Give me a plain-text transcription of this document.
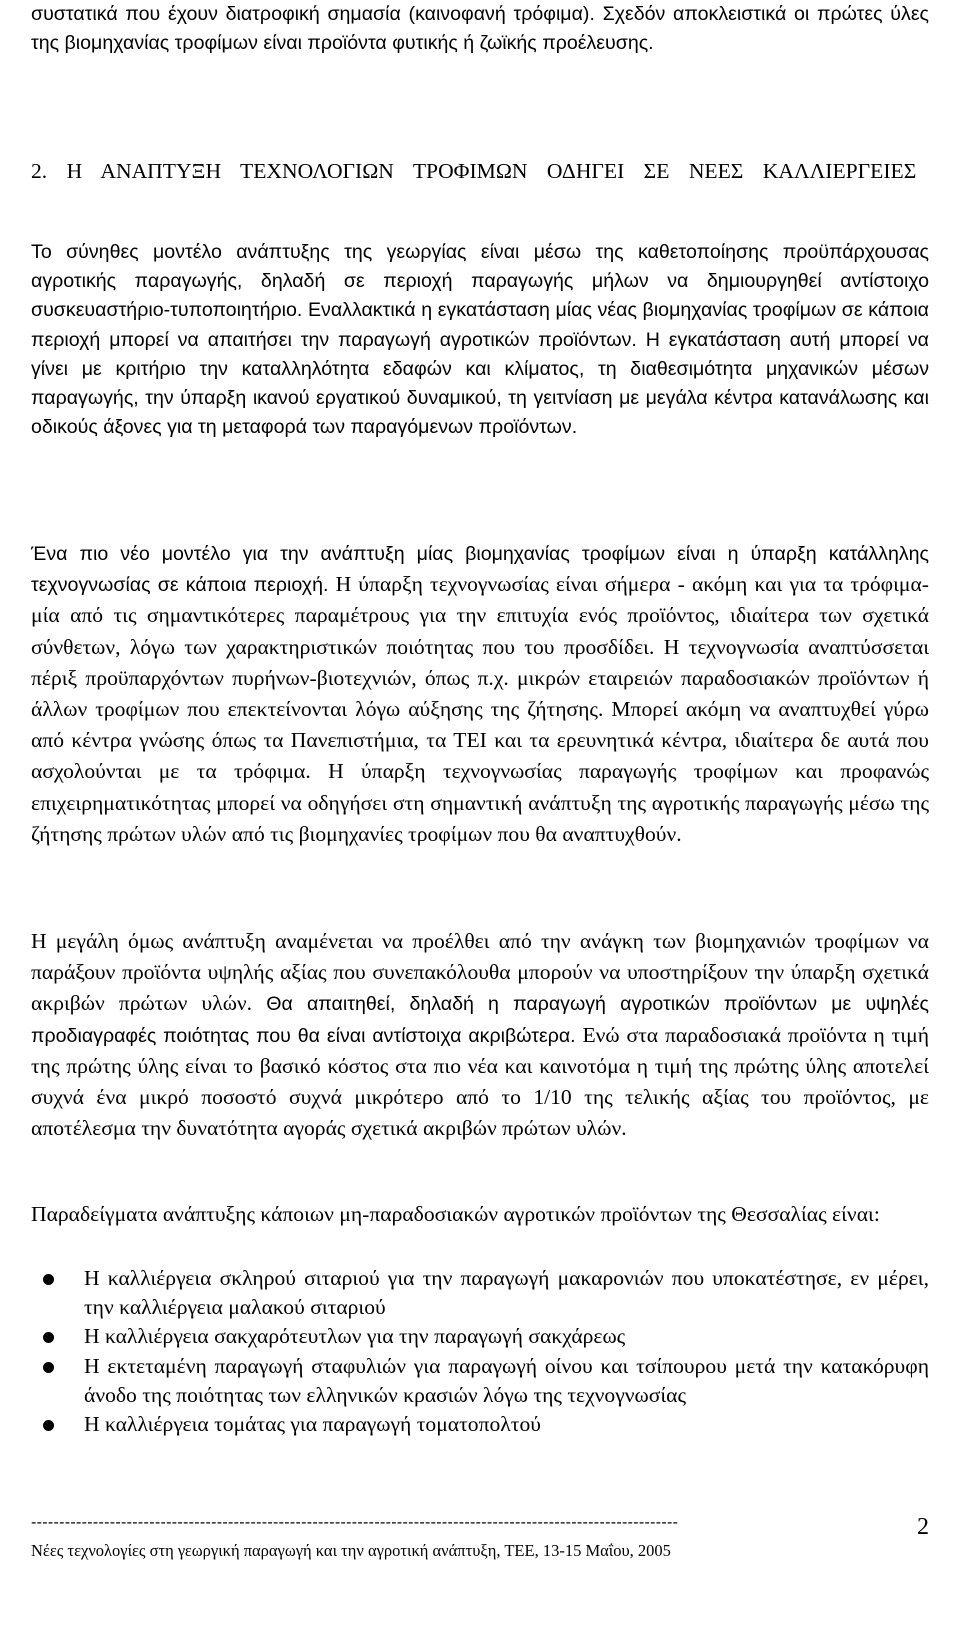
συστατικά που έχουν διατροφική σημασία (καινοφανή τρόφιμα). Σχεδόν αποκλειστικά οι πρώτες ύλες της βιομηχανίας τροφίμων είναι προϊόντα φυτικής ή ζωϊκής προέλευσης.

2. Η ΑΝΑΠΤΥΞΗ ΤΕΧΝΟΛΟΓΙΩΝ ΤΡΟΦΙΜΩΝ ΟΔΗΓΕΙ ΣΕ ΝΕΕΣ ΚΑΛΛΙΕΡΓΕΙΕΣ

Το σύνηθες μοντέλο ανάπτυξης της γεωργίας είναι μέσω της καθετοποίησης προϋπάρχουσας αγροτικής παραγωγής, δηλαδή σε περιοχή παραγωγής μήλων να δημιουργηθεί αντίστοιχο συσκευαστήριο-τυποποιητήριο. Εναλλακτικά η εγκατάσταση μίας νέας βιομηχανίας τροφίμων σε κάποια περιοχή μπορεί να απαιτήσει την παραγωγή αγροτικών προϊόντων. Η εγκατάσταση αυτή μπορεί να γίνει με κριτήριο την καταλληλότητα εδαφών και κλίματος, τη διαθεσιμότητα μηχανικών μέσων παραγωγής, την ύπαρξη ικανού εργατικού δυναμικού, τη γειτνίαση με μεγάλα κέντρα κατανάλωσης και οδικούς άξονες για τη μεταφορά των παραγόμενων προϊόντων.

Ένα πιο νέο μοντέλο για την ανάπτυξη μίας βιομηχανίας τροφίμων είναι η ύπαρξη κατάλληλης τεχνογνωσίας σε κάποια περιοχή. Η ύπαρξη τεχνογνωσίας είναι σήμερα - ακόμη και για τα τρόφιμα- μία από τις σημαντικότερες παραμέτρους για την επιτυχία ενός προϊόντος, ιδιαίτερα των σχετικά σύνθετων, λόγω των χαρακτηριστικών ποιότητας που του προσδίδει. Η τεχνογνωσία αναπτύσσεται πέριξ προϋπαρχόντων πυρήνων-βιοτεχνιών, όπως π.χ. μικρών εταιρειών παραδοσιακών προϊόντων ή άλλων τροφίμων που επεκτείνονται λόγω αύξησης της ζήτησης. Μπορεί ακόμη να αναπτυχθεί γύρω από κέντρα γνώσης όπως τα Πανεπιστήμια, τα ΤΕΙ και τα ερευνητικά κέντρα, ιδιαίτερα δε αυτά που ασχολούνται με τα τρόφιμα. Η ύπαρξη τεχνογνωσίας παραγωγής τροφίμων και προφανώς επιχειρηματικότητας μπορεί να οδηγήσει στη σημαντική ανάπτυξη της αγροτικής παραγωγής μέσω της ζήτησης πρώτων υλών από τις βιομηχανίες τροφίμων που θα αναπτυχθούν.

Η μεγάλη όμως ανάπτυξη αναμένεται να προέλθει από την ανάγκη των βιομηχανιών τροφίμων να παράξουν προϊόντα υψηλής αξίας που συνεπακόλουθα μπορούν να υποστηρίξουν την ύπαρξη σχετικά ακριβών πρώτων υλών. Θα απαιτηθεί, δηλαδή η παραγωγή αγροτικών προϊόντων με υψηλές προδιαγραφές ποιότητας που θα είναι αντίστοιχα ακριβώτερα. Ενώ στα παραδοσιακά προϊόντα η τιμή της πρώτης ύλης είναι το βασικό κόστος στα πιο νέα και καινοτόμα η τιμή της πρώτης ύλης αποτελεί συχνά ένα μικρό ποσοστό συχνά μικρότερο από το 1/10 της τελικής αξίας του προϊόντος, με αποτέλεσμα την δυνατότητα αγοράς σχετικά ακριβών πρώτων υλών.

Παραδείγματα ανάπτυξης κάποιων μη-παραδοσιακών αγροτικών προϊόντων της Θεσσαλίας είναι:

Η καλλιέργεια σκληρού σιταριού για την παραγωγή μακαρονιών που υποκατέστησε, εν μέρει, την καλλιέργεια μαλακού σιταριού
Η καλλιέργεια σακχαρότευτλων για την παραγωγή σακχάρεως
Η εκτεταμένη παραγωγή σταφυλιών για παραγωγή οίνου και τσίπουρου μετά την κατακόρυφη άνοδο της ποιότητας των ελληνικών κρασιών λόγω της τεχνογνωσίας
Η καλλιέργεια τομάτας για παραγωγή τοματοπολτού
-------------------------------------------------------------------------------------------------------------------	2
Νέες τεχνολογίες στη γεωργική παραγωγή και την αγροτική ανάπτυξη, ΤΕΕ, 13-15 Μαΐου, 2005
